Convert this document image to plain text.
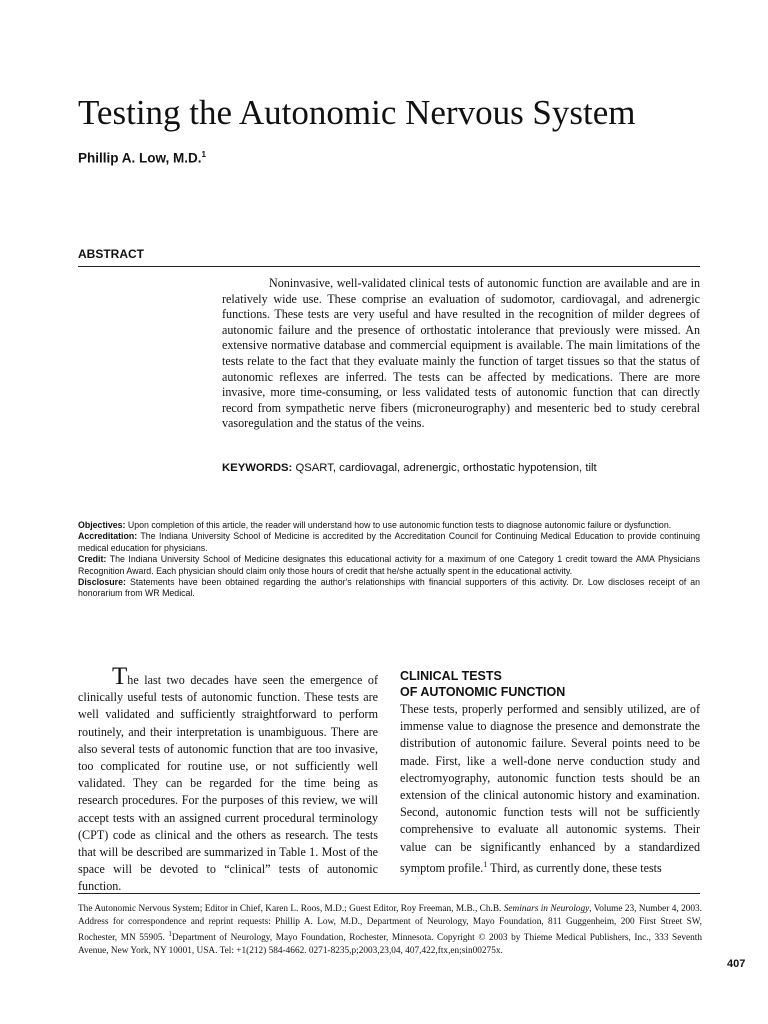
Testing the Autonomic Nervous System
Phillip A. Low, M.D.$^1$
ABSTRACT
Noninvasive, well-validated clinical tests of autonomic function are available and are in relatively wide use. These comprise an evaluation of sudomotor, cardiovagal, and adrenergic functions. These tests are very useful and have resulted in the recognition of milder degrees of autonomic failure and the presence of orthostatic intolerance that previously were missed. An extensive normative database and commercial equipment is available. The main limitations of the tests relate to the fact that they evaluate mainly the function of target tissues so that the status of autonomic reflexes are inferred. The tests can be affected by medications. There are more invasive, more time-consuming, or less validated tests of autonomic function that can directly record from sympathetic nerve fibers (microneurography) and mesenteric bed to study cerebral vasoregulation and the status of the veins.
KEYWORDS: QSART, cardiovagal, adrenergic, orthostatic hypotension, tilt

Objectives: Upon completion of this article, the reader will understand how to use autonomic function tests to diagnose autonomic failure or dysfunction.

Accreditation: The Indiana University School of Medicine is accredited by the Accreditation Council for Continuing Medical Education to provide continuing medical education for physicians.

Credit: The Indiana University School of Medicine designates this educational activity for a maximum of one Category 1 credit toward the AMA Physicians Recognition Award. Each physician should claim only those hours of credit that he/she actually spent in the educational activity.

Disclosure: Statements have been obtained regarding the author's relationships with financial supporters of this activity. Dr. Low discloses receipt of an honorarium from WR Medical.

The last two decades have seen the emergence of clinically useful tests of autonomic function. These tests are well validated and sufficiently straightforward to perform routinely, and their interpretation is unambiguous. There are also several tests of autonomic function that are too invasive, too complicated for routine use, or not sufficiently well validated. They can be regarded for the time being as research procedures. For the purposes of this review, we will accept tests with an assigned current procedural terminology (CPT) code as clinical and the others as research. The tests that will be described are summarized in Table 1. Most of the space will be devoted to “clinical” tests of autonomic function.
CLINICAL TESTS
OF AUTONOMIC FUNCTION

These tests, properly performed and sensibly utilized, are of immense value to diagnose the presence and demonstrate the distribution of autonomic failure. Several points need to be made. First, like a well-done nerve conduction study and electromyography, autonomic function tests should be an extension of the clinical autonomic history and examination. Second, autonomic function tests will not be sufficiently comprehensive to evaluate all autonomic systems. Their value can be significantly enhanced by a standardized symptom profile.$^1$ Third, as currently done, these tests

The Autonomic Nervous System; Editor in Chief, Karen L. Roos, M.D.; Guest Editor, Roy Freeman, M.B., Ch.B. Seminars in Neurology, Volume 23, Number 4, 2003. Address for correspondence and reprint requests: Phillip A. Low, M.D., Department of Neurology, Mayo Foundation, 811 Guggenheim, 200 First Street SW, Rochester, MN 55905. $^1$Department of Neurology, Mayo Foundation, Rochester, Minnesota. Copyright © 2003 by Thieme Medical Publishers, Inc., 333 Seventh Avenue, New York, NY 10001, USA. Tel: +1(212) 584-4662. 0271-8235,p;2003,23,04, 407,422,ftx,en;sin00275x.
407
